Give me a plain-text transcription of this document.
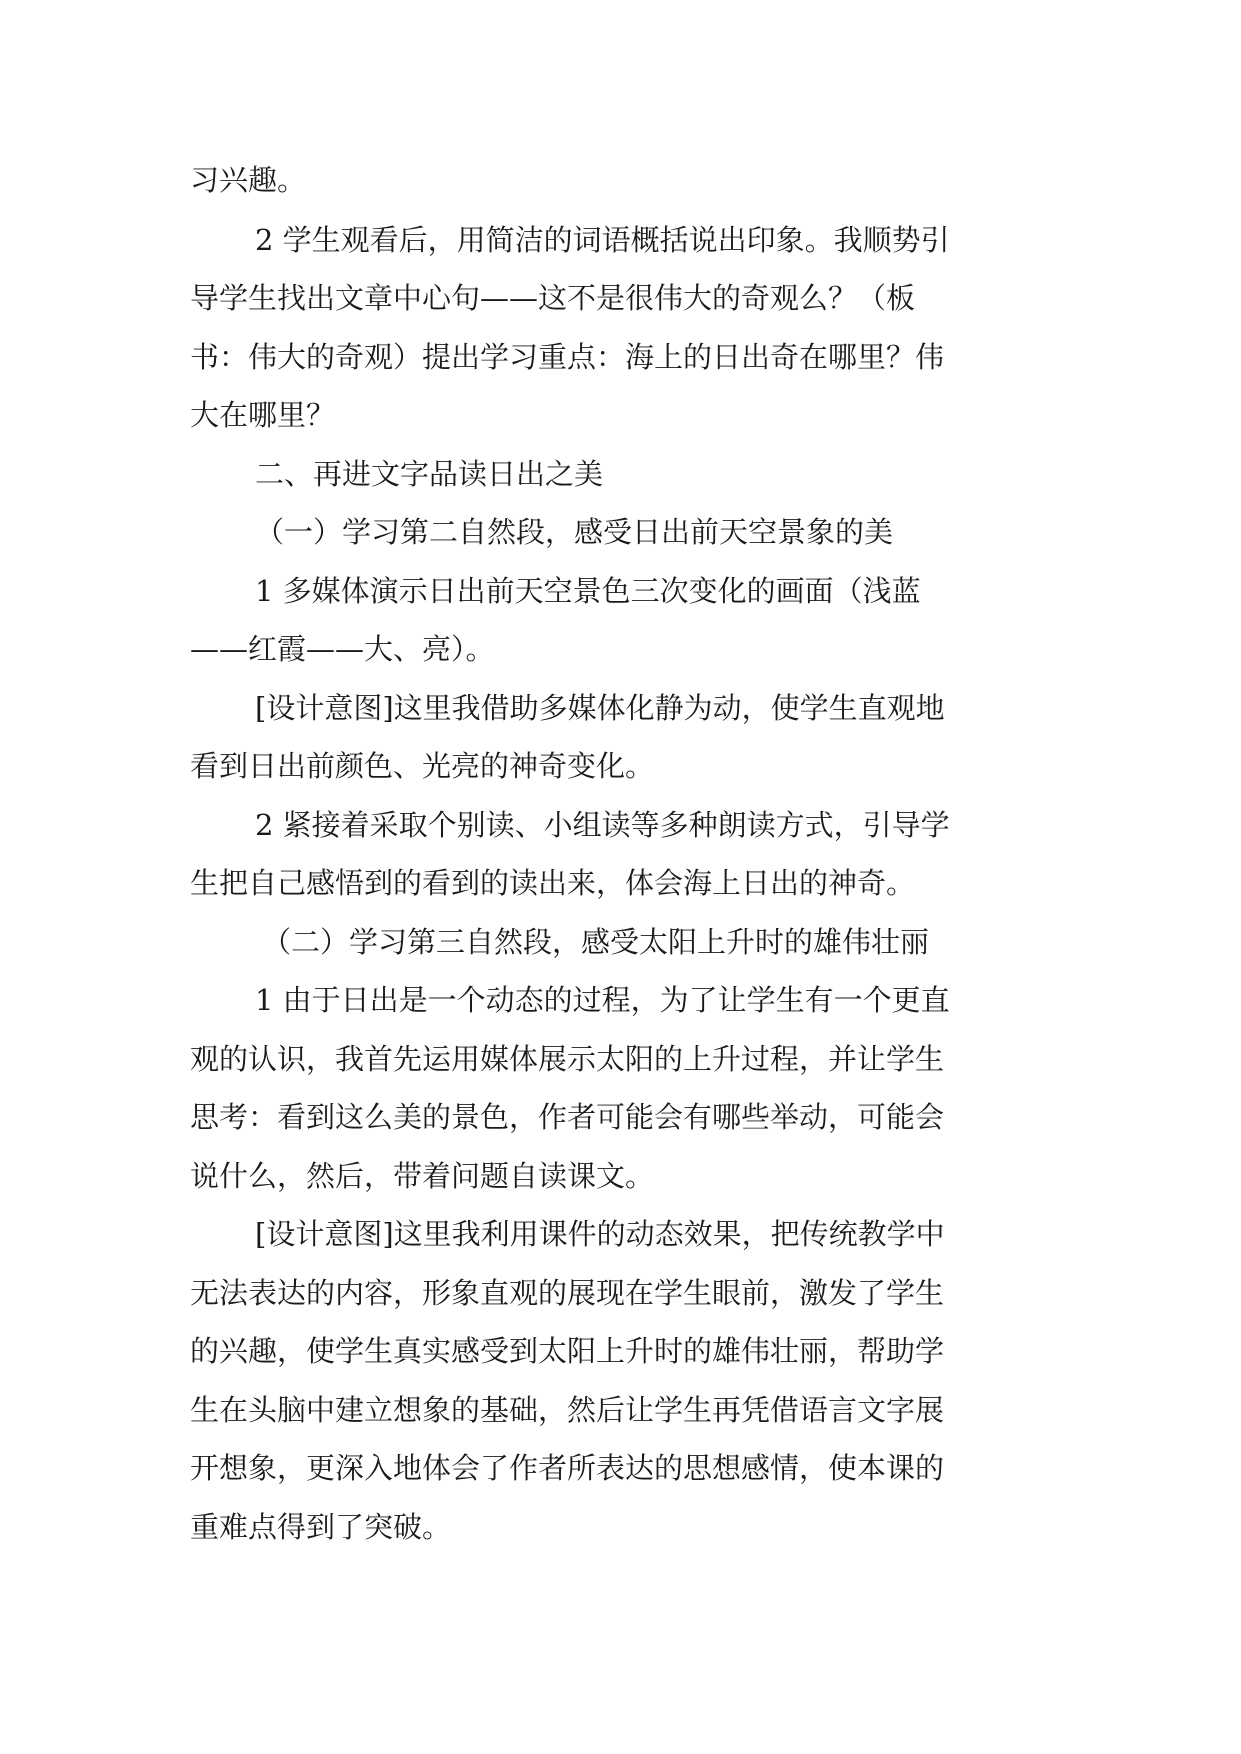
习兴趣。
2 学生观看后，用简洁的词语概括说出印象。我顺势引
导学生找出文章中心句——这不是很伟大的奇观么？（板
书：伟大的奇观）提出学习重点：海上的日出奇在哪里？伟
大在哪里？
二、再进文字品读日出之美
（一）学习第二自然段，感受日出前天空景象的美
1 多媒体演示日出前天空景色三次变化的画面（浅蓝
——红霞——大、亮）。
[设计意图]这里我借助多媒体化静为动，使学生直观地
看到日出前颜色、光亮的神奇变化。
2 紧接着采取个别读、小组读等多种朗读方式，引导学
生把自己感悟到的看到的读出来，体会海上日出的神奇。
（二）学习第三自然段，感受太阳上升时的雄伟壮丽
1 由于日出是一个动态的过程，为了让学生有一个更直
观的认识，我首先运用媒体展示太阳的上升过程，并让学生
思考：看到这么美的景色，作者可能会有哪些举动，可能会
说什么，然后，带着问题自读课文。
[设计意图]这里我利用课件的动态效果，把传统教学中
无法表达的内容，形象直观的展现在学生眼前，激发了学生
的兴趣，使学生真实感受到太阳上升时的雄伟壮丽，帮助学
生在头脑中建立想象的基础，然后让学生再凭借语言文字展
开想象，更深入地体会了作者所表达的思想感情，使本课的
重难点得到了突破。
